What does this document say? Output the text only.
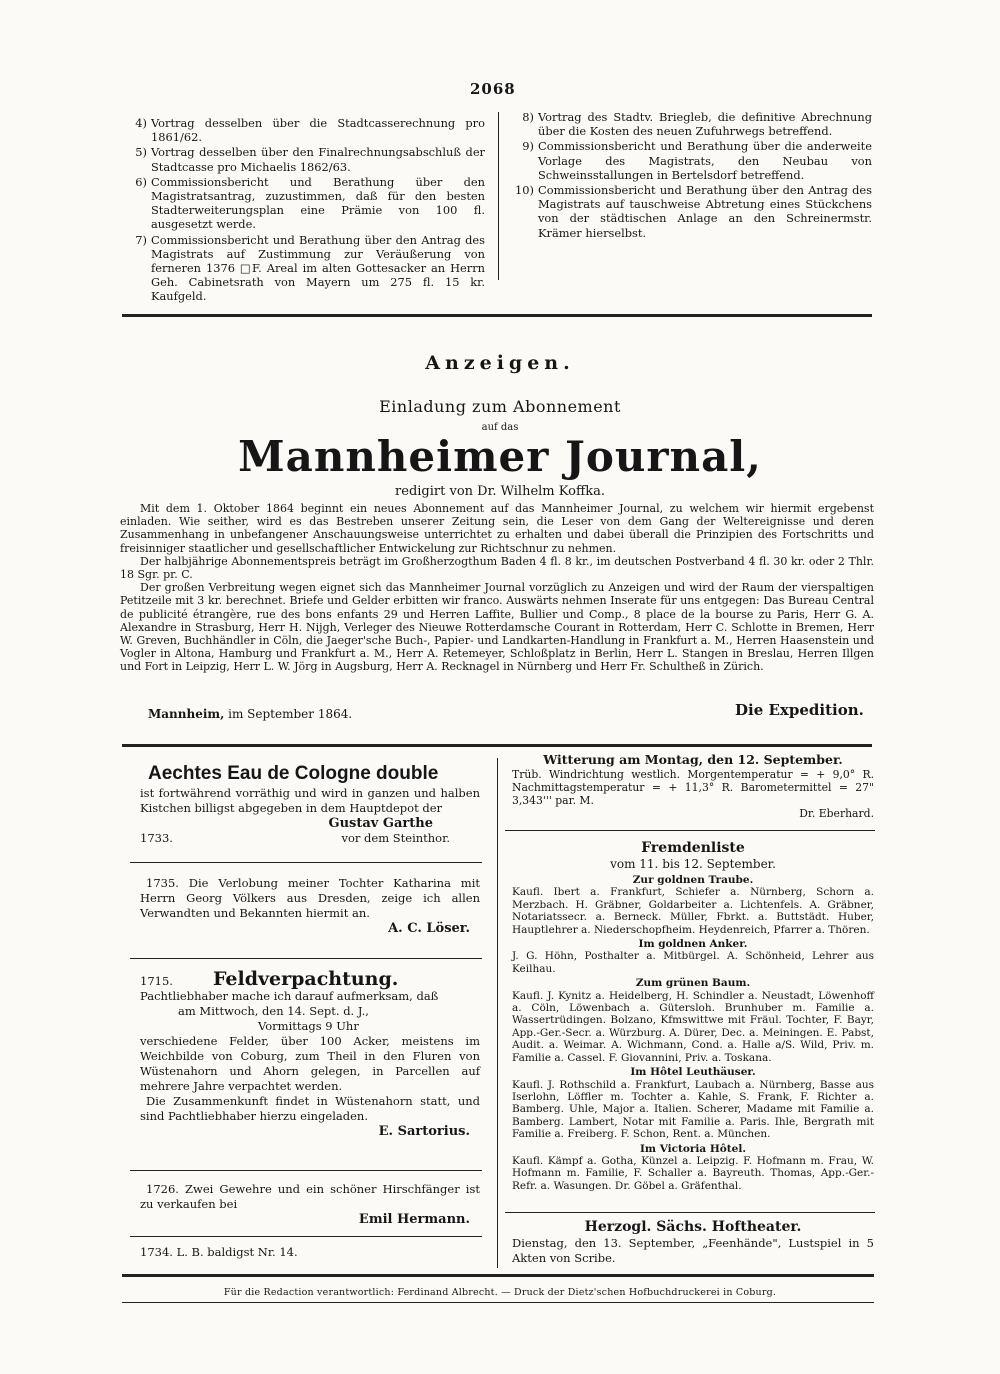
2068
4) Vortrag desselben über die Stadtcasserechnung pro 1861/62.
5) Vortrag desselben über den Finalrechnungsabschluß der Stadtcasse pro Michaelis 1862/63.
6) Commissionsbericht und Berathung über den Magistratsantrag, zuzustimmen, daß für den besten Stadterweiterungsplan eine Prämie von 100 fl. ausgesetzt werde.
7) Commissionsbericht und Berathung über den Antrag des Magistrats auf Zustimmung zur Veräußerung von ferneren 1376 □F. Areal im alten Gottesacker an Herrn Geh. Cabinetsrath von Mayern um 275 fl. 15 kr. Kaufgeld.
8) Vortrag des Stadtv. Briegleb, die definitive Abrechnung über die Kosten des neuen Zufuhrwegs betreffend.
9) Commissionsbericht und Berathung über die anderweite Vorlage des Magistrats, den Neubau von Schweinsstallungen in Bertelsdorf betreffend.
10) Commissionsbericht und Berathung über den Antrag des Magistrats auf tauschweise Abtretung eines Stückchens von der städtischen Anlage an den Schreinermstr. Krämer hierselbst.
Anzeigen.
Einladung zum Abonnement
auf das
Mannheimer Journal,
redigirt von Dr. Wilhelm Koffka.

Mit dem 1. Oktober 1864 beginnt ein neues Abonnement auf das Mannheimer Journal, zu welchem wir hiermit ergebenst einladen. Wie seither, wird es das Bestreben unserer Zeitung sein, die Leser von dem Gang der Weltereignisse und deren Zusammenhang in unbefangener Anschauungsweise unterrichtet zu erhalten und dabei überall die Prinzipien des Fortschritts und freisinniger staatlicher und gesellschaftlicher Entwickelung zur Richtschnur zu nehmen.

Der halbjährige Abonnementspreis beträgt im Großherzogthum Baden 4 fl. 8 kr., im deutschen Postverband 4 fl. 30 kr. oder 2 Thlr. 18 Sgr. pr. C.

Der großen Verbreitung wegen eignet sich das Mannheimer Journal vorzüglich zu Anzeigen und wird der Raum der vierspaltigen Petitzeile mit 3 kr. berechnet. Briefe und Gelder erbitten wir franco. Auswärts nehmen Inserate für uns entgegen: Das Bureau Central de publicité étrangère, rue des bons enfants 29 und Herren Laffite, Bullier und Comp., 8 place de la bourse zu Paris, Herr G. A. Alexandre in Strasburg, Herr H. Nijgh, Verleger des Nieuwe Rotterdamsche Courant in Rotterdam, Herr C. Schlotte in Bremen, Herr W. Greven, Buchhändler in Cöln, die Jaeger'sche Buch-, Papier- und Landkarten-Handlung in Frankfurt a. M., Herren Haasenstein und Vogler in Altona, Hamburg und Frankfurt a. M., Herr A. Retemeyer, Schloßplatz in Berlin, Herr L. Stangen in Breslau, Herren Illgen und Fort in Leipzig, Herr L. W. Jörg in Augsburg, Herr A. Recknagel in Nürnberg und Herr Fr. Schultheß in Zürich.

Mannheim, im September 1864.	Die Expedition.
Aechtes Eau de Cologne double
ist fortwährend vorräthig und wird in ganzen und halben Kistchen billigst abgegeben in dem Hauptdepot der
1733.
Gustav Garthe
vor dem Steinthor.
1735. Die Verlobung meiner Tochter Katharina mit Herrn Georg Völkers aus Dresden, zeige ich allen Verwandten und Bekannten hiermit an.
A. C. Löser.
1715. Feldverpachtung.
Pachtliebhaber mache ich darauf aufmerksam, daß
am Mittwoch, den 14. Sept. d. J.,
Vormittags 9 Uhr
verschiedene Felder, über 100 Acker, meistens im Weichbilde von Coburg, zum Theil in den Fluren von Wüstenahorn und Ahorn gelegen, in Parcellen auf mehrere Jahre verpachtet werden.
Die Zusammenkunft findet in Wüstenahorn statt, und sind Pachtliebhaber hierzu eingeladen.
E. Sartorius.
1726. Zwei Gewehre und ein schöner Hirschfänger ist zu verkaufen bei
Emil Hermann.
1734. L. B. baldigst Nr. 14.
Witterung am Montag, den 12. September.
Trüb. Windrichtung westlich. Morgentemperatur = + 9,0° R. Nachmittagstemperatur = + 11,3° R. Barometermittel = 27" 3,343''' par. M.
Dr. Eberhard.
Fremdenliste
vom 11. bis 12. September.
Zur goldnen Traube.
Kaufl. Ibert a. Frankfurt, Schiefer a. Nürnberg, Schorn a. Merzbach. H. Gräbner, Goldarbeiter a. Lichtenfels. A. Gräbner, Notariatssecr. a. Berneck. Müller, Fbrkt. a. Buttstädt. Huber, Hauptlehrer a. Niederschopfheim. Heydenreich, Pfarrer a. Thören.
Im goldnen Anker.
J. G. Höhn, Posthalter a. Mitbürgel. A. Schönheid, Lehrer aus Keilhau.
Zum grünen Baum.
Kaufl. J. Kynitz a. Heidelberg, H. Schindler a. Neustadt, Löwenhoff a. Cöln, Löwenbach a. Gütersloh. Brunhuber m. Familie a. Wassertrüdingen. Bolzano, Kfmswittwe mit Fräul. Tochter, F. Bayr, App.-Ger.-Secr. a. Würzburg. A. Dürer, Dec. a. Meiningen. E. Pabst, Audit. a. Weimar. A. Wichmann, Cond. a. Halle a/S. Wild, Priv. m. Familie a. Cassel. F. Giovannini, Priv. a. Toskana.
Im Hôtel Leuthäuser.
Kaufl. J. Rothschild a. Frankfurt, Laubach a. Nürnberg, Basse aus Iserlohn, Löffler m. Tochter a. Kahle, S. Frank, F. Richter a. Bamberg. Uhle, Major a. Italien. Scherer, Madame mit Familie a. Bamberg. Lambert, Notar mit Familie a. Paris. Ihle, Bergrath mit Familie a. Freiberg. F. Schon, Rent. a. München.
Im Victoria Hôtel.
Kaufl. Kämpf a. Gotha, Künzel a. Leipzig. F. Hofmann m. Frau, W. Hofmann m. Familie, F. Schaller a. Bayreuth. Thomas, App.-Ger.-Refr. a. Wasungen. Dr. Göbel a. Gräfenthal.
Herzogl. Sächs. Hoftheater.
Dienstag, den 13. September, „Feenhände", Lustspiel in 5 Akten von Scribe.
Für die Redaction verantwortlich: Ferdinand Albrecht. — Druck der Dietz'schen Hofbuchdruckerei in Coburg.
